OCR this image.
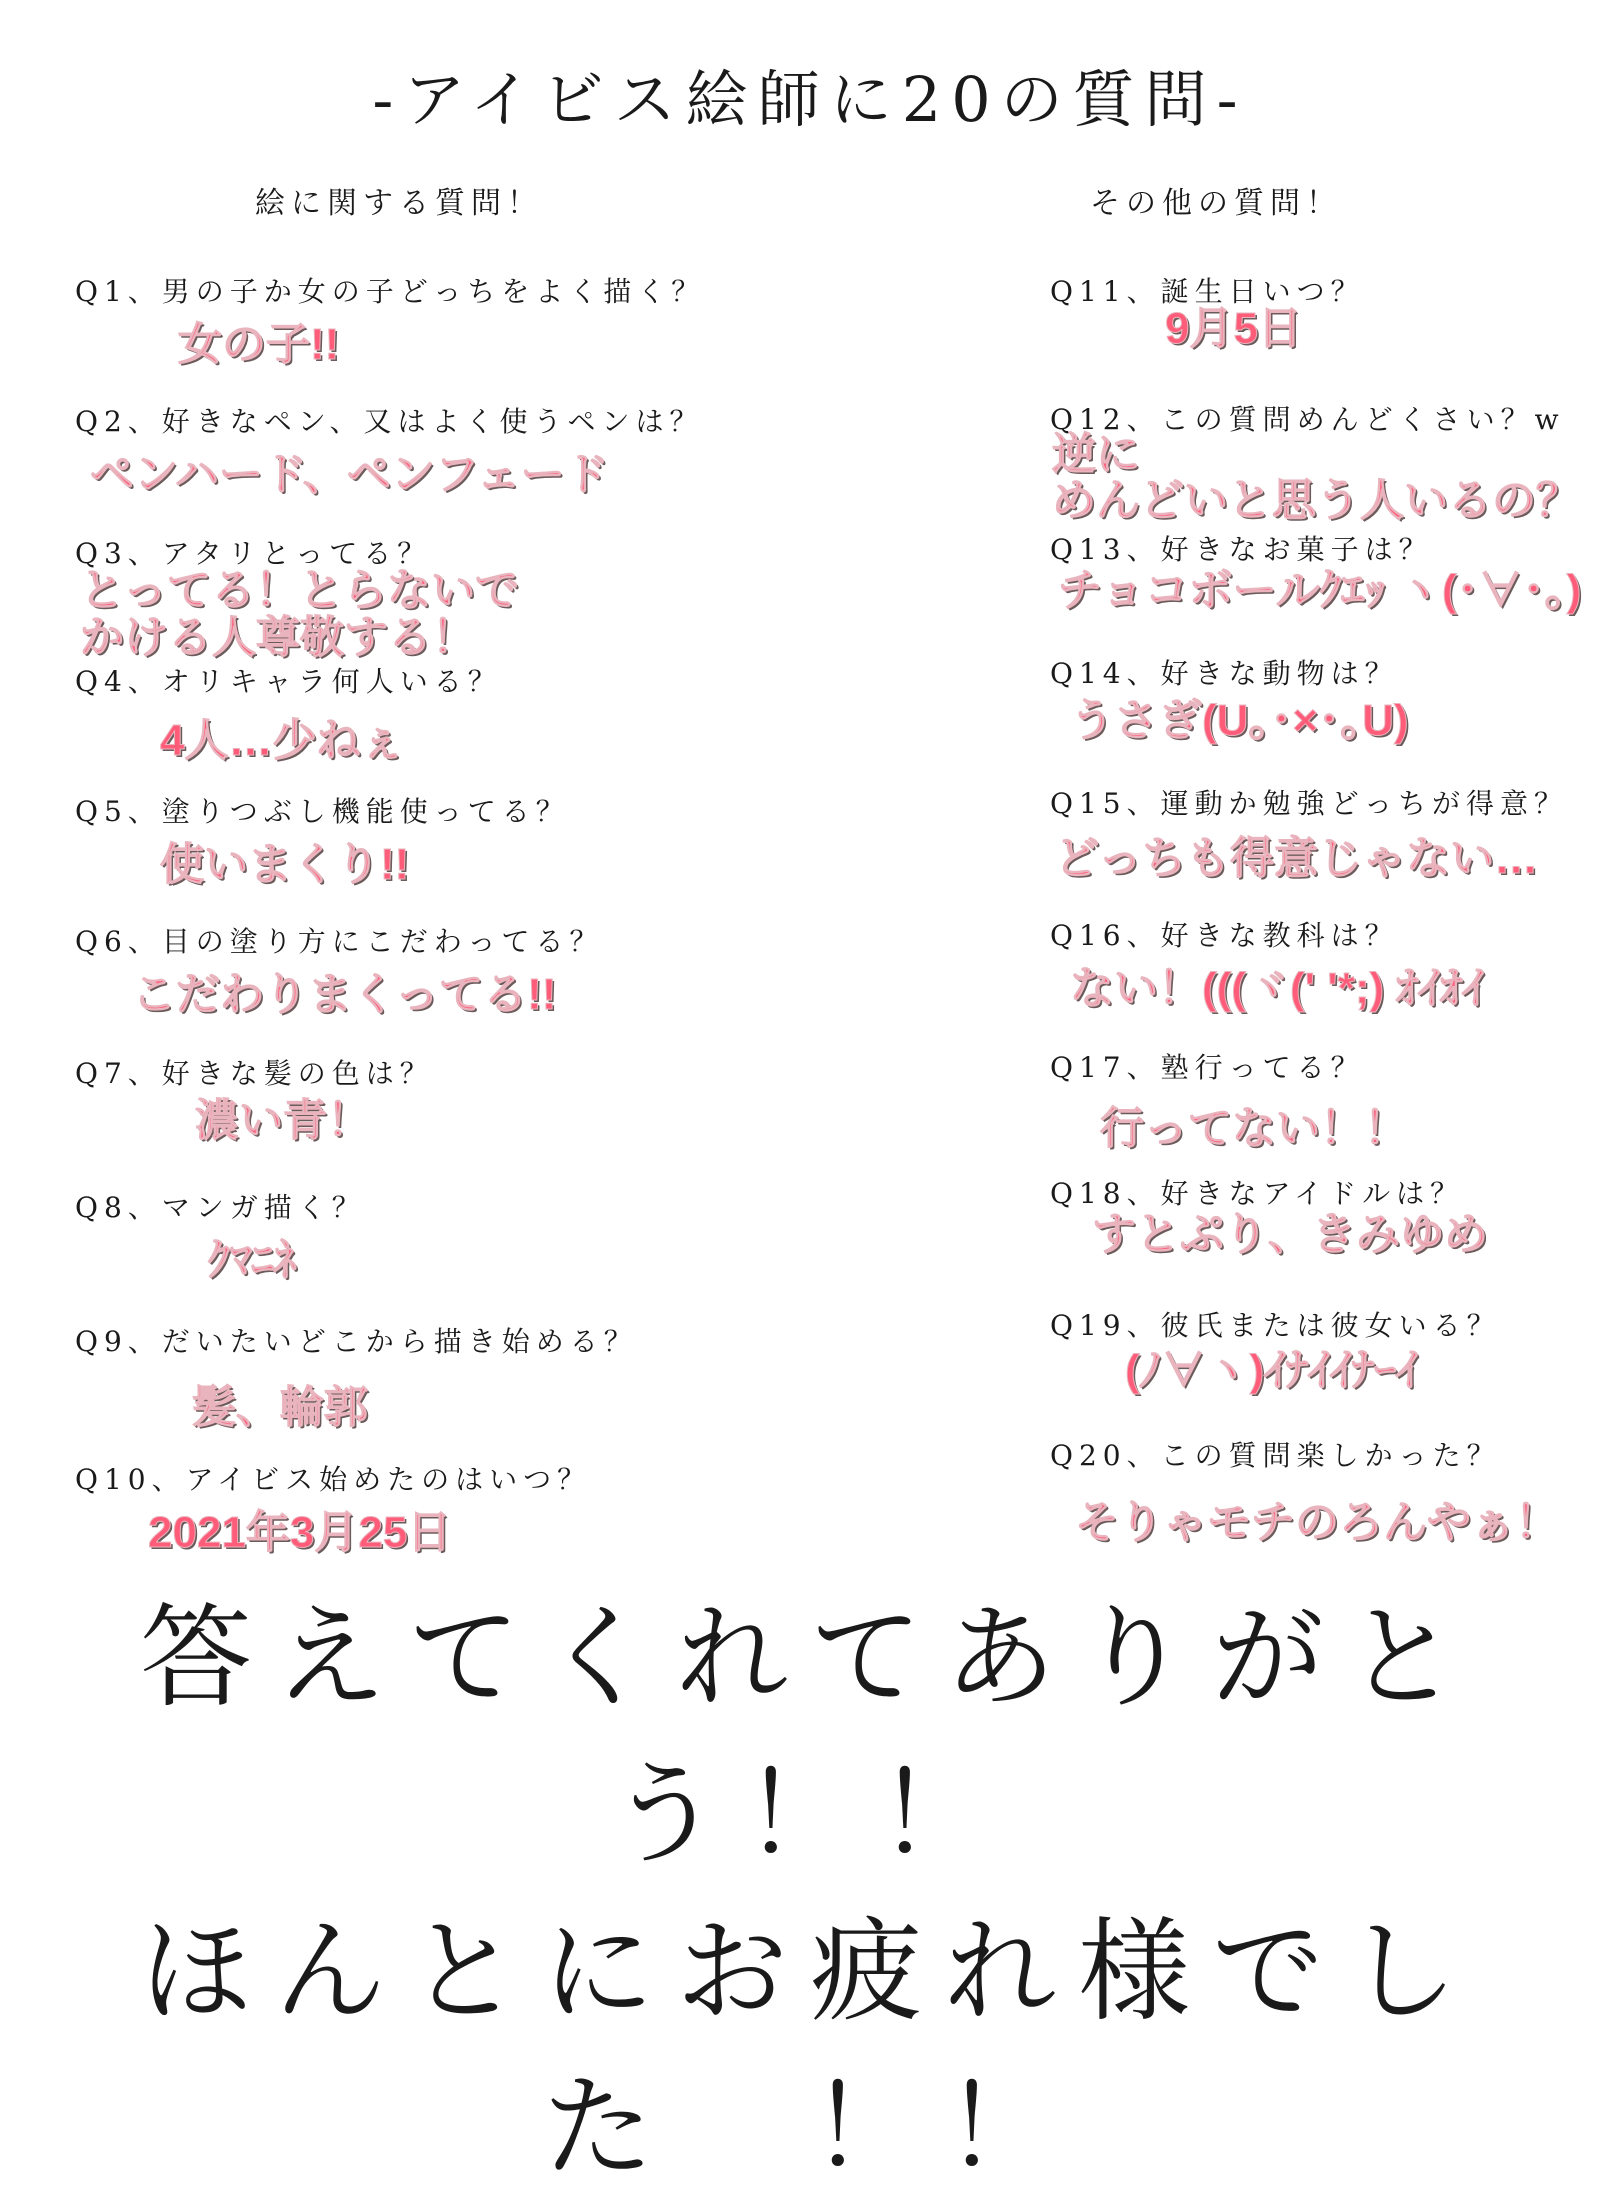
-アイビス絵師に20の質問-
絵に関する質問！	その他の質問！
Q1、男の子か女の子どっちをよく描く？
女の子!!
Q2、好きなペン、又はよく使うペンは？
ペンハード、ペンフェード
Q3、アタリとってる？
とってる！とらないで
かける人尊敬する！
Q4、オリキャラ何人いる？
4人…少ねぇ
Q5、塗りつぶし機能使ってる？
使いまくり!!
Q6、目の塗り方にこだわってる？
こだわりまくってる!!
Q7、好きな髪の色は？
濃い青！
Q8、マンガ描く？
ｸﾏﾆﾈ
Q9、だいたいどこから描き始める？
髪、輪郭
Q10、アイビス始めたのはいつ？
2021年3月25日
Q11、誕生日いつ？
9月5日
Q12、この質問めんどくさい？w
逆に
めんどいと思う人いるの？
Q13、好きなお菓子は？
チョコボールｸｴｯ ヽ(･∀･｡)
Q14、好きな動物は？
うさぎ(U｡･×･｡U)
Q15、運動か勉強どっちが得意？
どっちも得意じゃない…
Q16、好きな教科は？
ない！(((ヾ(' '*;) ｵｲｵｲ
Q17、塾行ってる？
行ってない！！
Q18、好きなアイドルは？
すとぷり、きみゆめ
Q19、彼氏または彼女いる？
(ﾉ∀ヽ)ｲﾅｲｲﾅｰｲ
Q20、この質問楽しかった？
そりゃモチのろんやぁ！
答えてくれてありがと
う！！
ほんとにお疲れ様でし
た　！！
